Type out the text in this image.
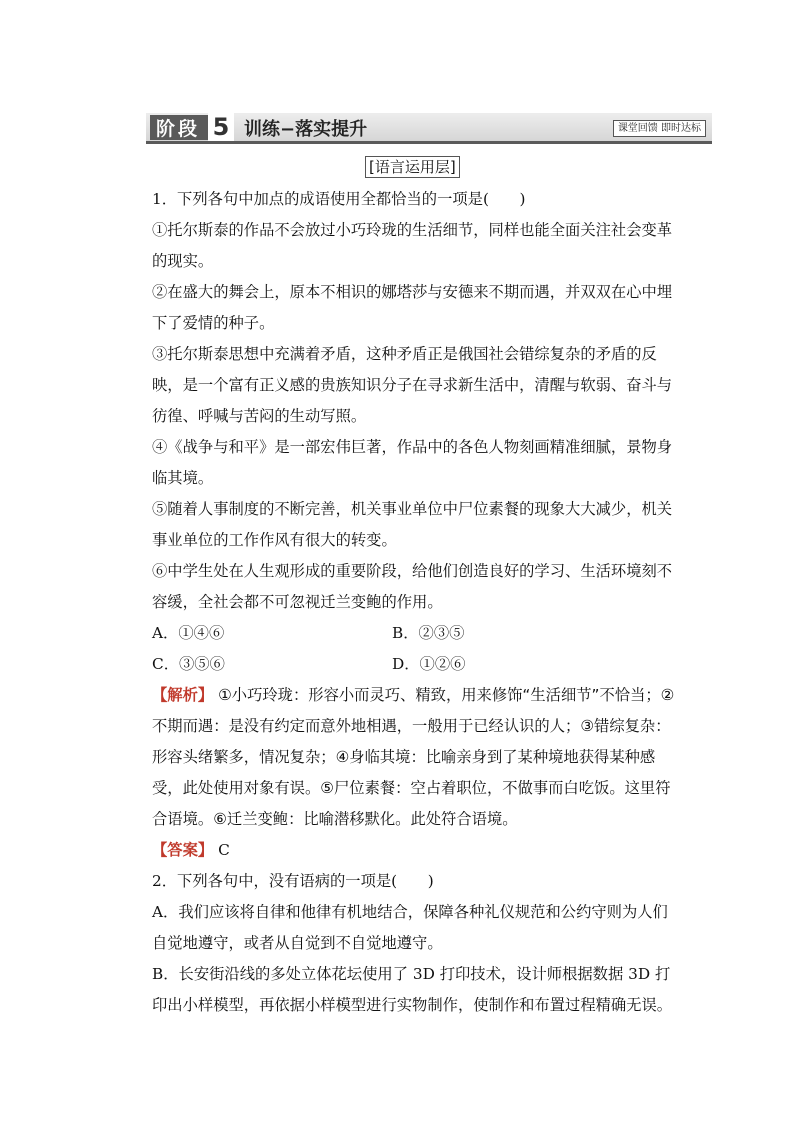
阶段 5 训练−落实提升	课堂回馈 即时达标
[语言运用层]

1．下列各句中加点的成语使用全都恰当的一项是(　　)

①托尔斯泰的作品不会放过小巧玲珑的生活细节，同样也能全面关注社会变革的现实。

②在盛大的舞会上，原本不相识的娜塔莎与安德来不期而遇，并双双在心中埋下了爱情的种子。

③托尔斯泰思想中充满着矛盾，这种矛盾正是俄国社会错综复杂的矛盾的反映，是一个富有正义感的贵族知识分子在寻求新生活中，清醒与软弱、奋斗与彷徨、呼喊与苦闷的生动写照。

④《战争与和平》是一部宏伟巨著，作品中的各色人物刻画精准细腻，景物身临其境。

⑤随着人事制度的不断完善，机关事业单位中尸位素餐的现象大大减少，机关事业单位的工作作风有很大的转变。

⑥中学生处在人生观形成的重要阶段，给他们创造良好的学习、生活环境刻不容缓，全社会都不可忽视迁兰变鲍的作用。

A．①④⑥	B．②③⑤
C．③⑤⑥	D．①②⑥

【解析】 ①小巧玲珑：形容小而灵巧、精致，用来修饰“生活细节”不恰当；②不期而遇：是没有约定而意外地相遇，一般用于已经认识的人；③错综复杂：形容头绪繁多，情况复杂；④身临其境：比喻亲身到了某种境地获得某种感受，此处使用对象有误。⑤尸位素餐：空占着职位，不做事而白吃饭。这里符合语境。⑥迁兰变鲍：比喻潜移默化。此处符合语境。

【答案】 C

2．下列各句中，没有语病的一项是(　　)

A．我们应该将自律和他律有机地结合，保障各种礼仪规范和公约守则为人们自觉地遵守，或者从自觉到不自觉地遵守。

B．长安街沿线的多处立体花坛使用了 3D 打印技术，设计师根据数据 3D 打印出小样模型，再依据小样模型进行实物制作，使制作和布置过程精确无误。
